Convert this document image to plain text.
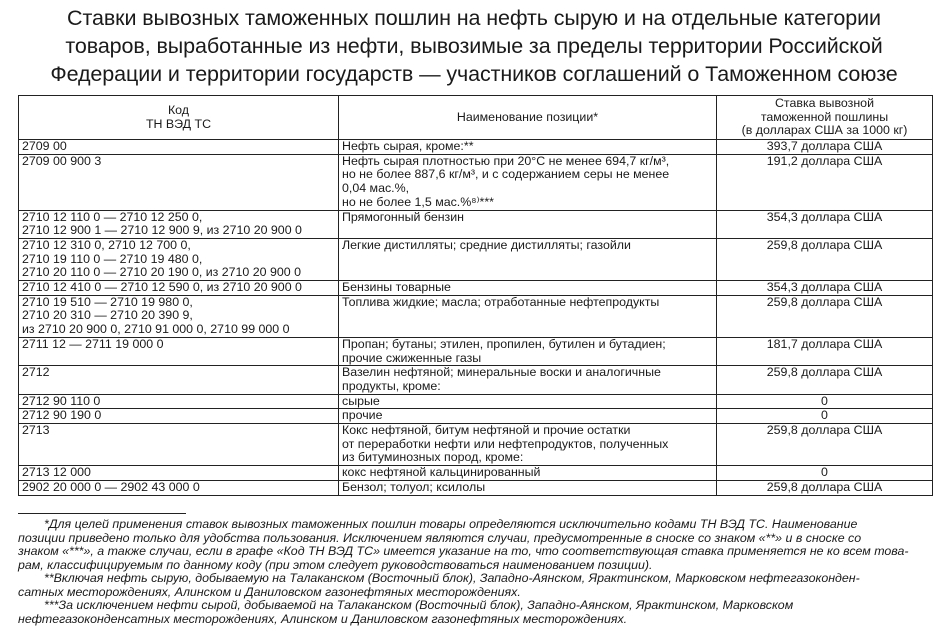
Ставки вывозных таможенных пошлин на нефть сырую и на отдельные категории
товаров, выработанные из нефти, вывозимые за пределы территории Российской
Федерации и территории государств — участников соглашений о Таможенном союзе
Код
ТН ВЭД ТС	Наименование позиции*	Ставка вывозной
таможенной пошлины
(в долларах США за 1000 кг)

2709 00	Нефть сырая, кроме:**	393,7 доллара США

2709 00 900 3	Нефть сырая плотностью при 20°С не менее 694,7 кг/м³,
но не более 887,6 кг/м³, и с содержанием серы не менее
0,04 мас.%,
но не более 1,5 мас.%⁸⁾***	191,2 доллара США

2710 12 110 0 — 2710 12 250 0,
2710 12 900 1 — 2710 12 900 9, из 2710 20 900 0	Прямогонный бензин	354,3 доллара США

2710 12 310 0, 2710 12 700 0,
2710 19 110 0 — 2710 19 480 0,
2710 20 110 0 — 2710 20 190 0, из 2710 20 900 0	Легкие дистилляты; средние дистилляты; газойли	259,8 доллара США

2710 12 410 0 — 2710 12 590 0, из 2710 20 900 0	Бензины товарные	354,3 доллара США

2710 19 510 — 2710 19 980 0,
2710 20 310 — 2710 20 390 9,
из 2710 20 900 0, 2710 91 000 0, 2710 99 000 0	Топлива жидкие; масла; отработанные нефтепродукты	259,8 доллара США

2711 12 — 2711 19 000 0	Пропан; бутаны; этилен, пропилен, бутилен и бутадиен;
прочие сжиженные газы	181,7 доллара США

2712	Вазелин нефтяной; минеральные воски и аналогичные
продукты, кроме:	259,8 доллара США

2712 90 110 0	сырые	0

2712 90 190 0	прочие	0

2713	Кокс нефтяной, битум нефтяной и прочие остатки
от переработки нефти или нефтепродуктов, полученных
из битуминозных пород, кроме:	259,8 доллара США

2713 12 000	кокс нефтяной кальцинированный	0

2902 20 000 0 — 2902 43 000 0	Бензол; толуол; ксилолы	259,8 доллара США

*Для целей применения ставок вывозных таможенных пошлин товары определяются исключительно кодами ТН ВЭД ТС. Наименование
позиции приведено только для удобства пользования. Исключением являются случаи, предусмотренные в сноске со знаком «**» и в сноске со
знаком «***», а также случаи, если в графе «Код ТН ВЭД ТС» имеется указание на то, что соответствующая ставка применяется не ко всем това-
рам, классифицируемым по данному коду (при этом следует руководствоваться наименованием позиции).

**Включая нефть сырую, добываемую на Талаканском (Восточный блок), Западно-Аянском, Ярактинском, Марковском нефтегазоконден-
сатных месторождениях, Алинском и Даниловском газонефтяных месторождениях.

***За исключением нефти сырой, добываемой на Талаканском (Восточный блок), Западно-Аянском, Ярактинском, Марковском
нефтегазоконденсатных месторождениях, Алинском и Даниловском газонефтяных месторождениях.
